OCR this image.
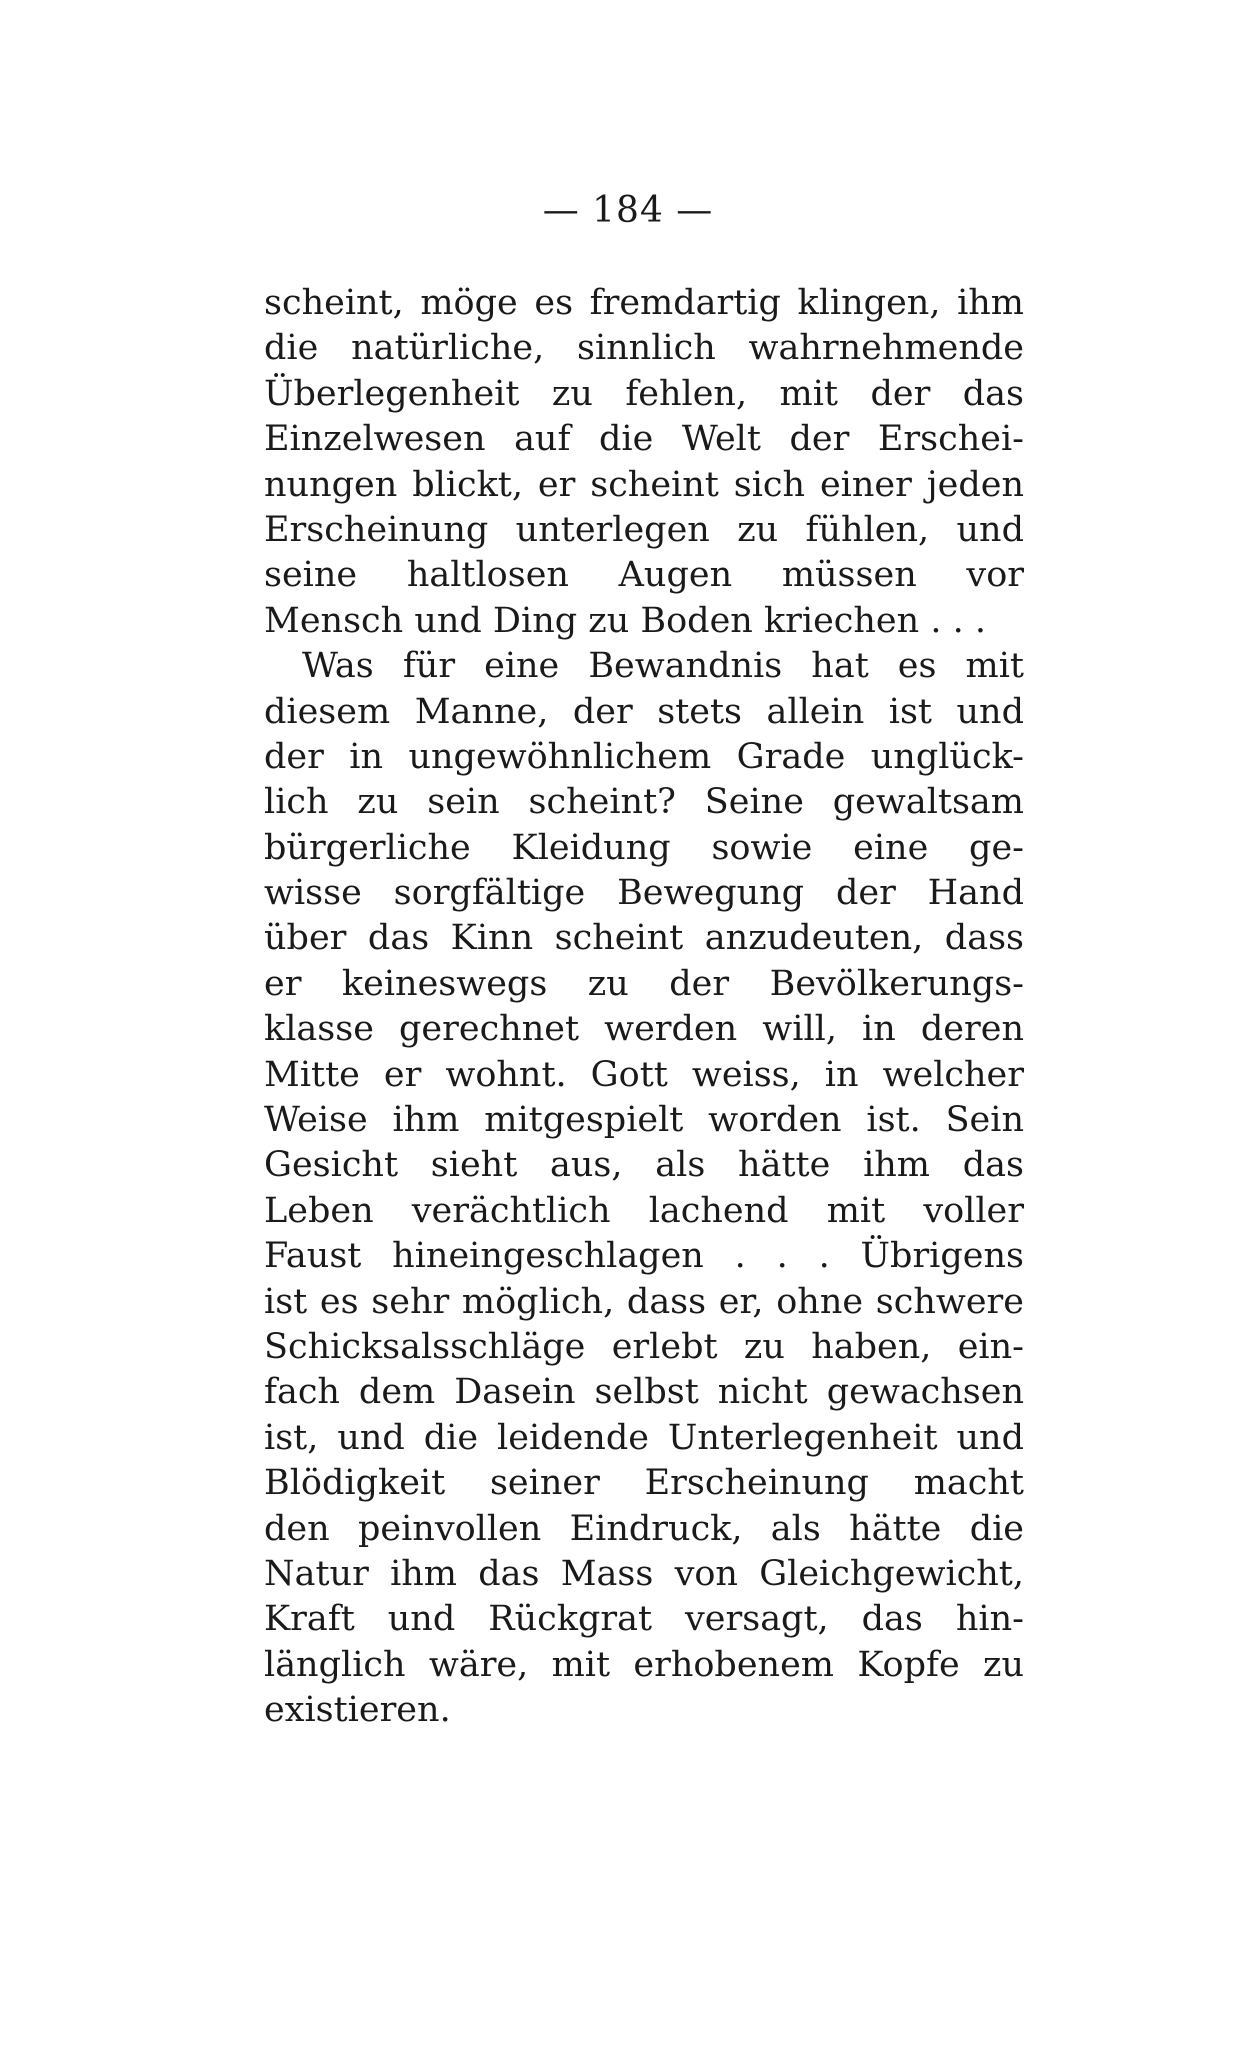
— 184 —
scheint, möge es fremdartig klingen, ihm
die natürliche, sinnlich wahrnehmende
Überlegenheit zu fehlen, mit der das
Einzelwesen auf die Welt der Erschei-
nungen blickt, er scheint sich einer jeden
Erscheinung unterlegen zu fühlen, und
seine haltlosen Augen müssen vor
Mensch und Ding zu Boden kriechen . . .
Was für eine Bewandnis hat es mit
diesem Manne, der stets allein ist und
der in ungewöhnlichem Grade unglück-
lich zu sein scheint? Seine gewaltsam
bürgerliche Kleidung sowie eine ge-
wisse sorgfältige Bewegung der Hand
über das Kinn scheint anzudeuten, dass
er keineswegs zu der Bevölkerungs-
klasse gerechnet werden will, in deren
Mitte er wohnt. Gott weiss, in welcher
Weise ihm mitgespielt worden ist. Sein
Gesicht sieht aus, als hätte ihm das
Leben verächtlich lachend mit voller
Faust hineingeschlagen . . . Übrigens
ist es sehr möglich, dass er, ohne schwere
Schicksalsschläge erlebt zu haben, ein-
fach dem Dasein selbst nicht gewachsen
ist, und die leidende Unterlegenheit und
Blödigkeit seiner Erscheinung macht
den peinvollen Eindruck, als hätte die
Natur ihm das Mass von Gleichgewicht,
Kraft und Rückgrat versagt, das hin-
länglich wäre, mit erhobenem Kopfe zu
existieren.
